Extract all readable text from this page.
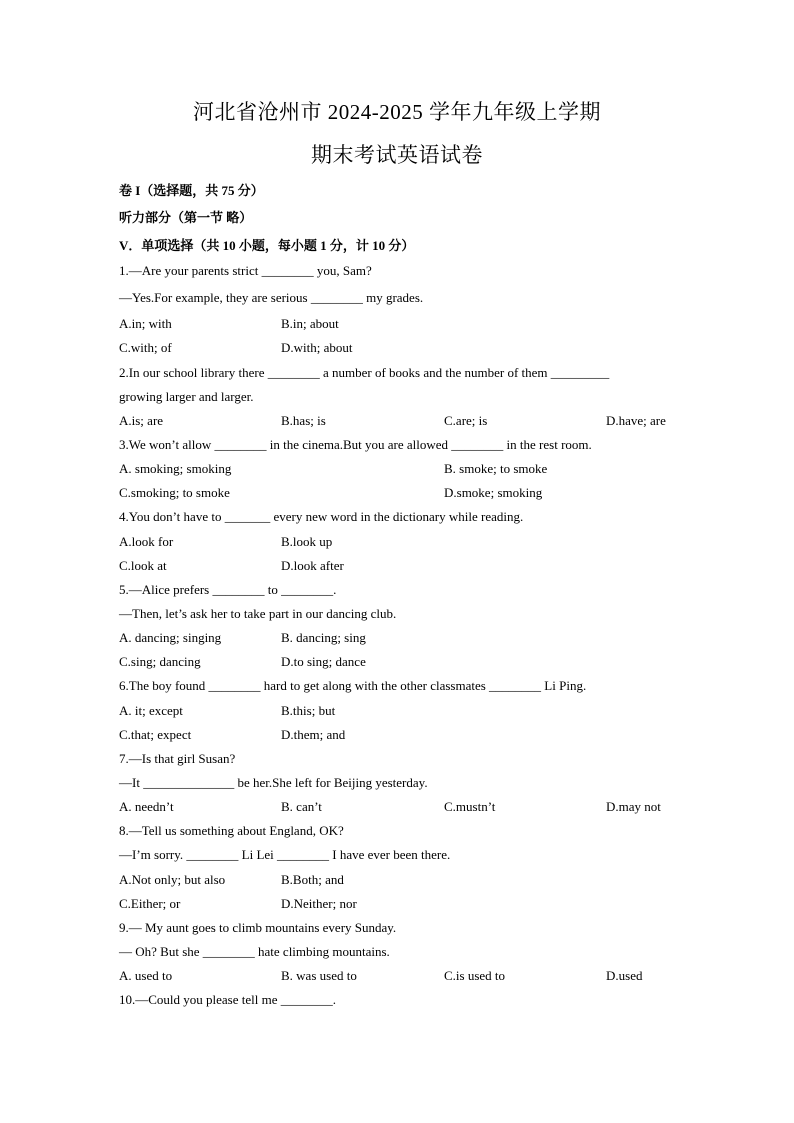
河北省沧州市 2024-2025 学年九年级上学期
期末考试英语试卷
卷 I（选择题，共 75 分）
听力部分（第一节 略）
V．单项选择（共 10 小题，每小题 1 分，计 10 分）
1.—Are your parents strict ________ you, Sam?
—Yes.For example, they are serious ________ my grades.
A.in; with	B.in; about
C.with; of	D.with; about
2.In our school library there ________ a number of books and the number of them _________
growing larger and larger.
A.is; are	B.has; is	C.are; is	D.have; are
3.We won’t allow ________ in the cinema.But you are allowed ________ in the rest room.
A. smoking; smoking	B. smoke; to smoke
C.smoking; to smoke	D.smoke; smoking
4.You don’t have to _______ every new word in the dictionary while reading.
A.look for	B.look up
C.look at	D.look after
5.—Alice prefers ________ to ________.
—Then, let’s ask her to take part in our dancing club.
A. dancing; singing	B. dancing; sing
C.sing; dancing	D.to sing; dance
6.The boy found ________ hard to get along with the other classmates ________ Li Ping.
A. it; except	B.this; but
C.that; expect	D.them; and
7.—Is that girl Susan?
—It ______________ be her.She left for Beijing yesterday.
A. needn’t	B. can’t	C.mustn’t	D.may not
8.—Tell us something about England, OK?
—I’m sorry. ________ Li Lei ________ I have ever been there.
A.Not only; but also	B.Both; and
C.Either; or	D.Neither; nor
9.— My aunt goes to climb mountains every Sunday.
— Oh? But she ________ hate climbing mountains.
A. used to	B. was used to	C.is used to	D.used
10.—Could you please tell me ________.
